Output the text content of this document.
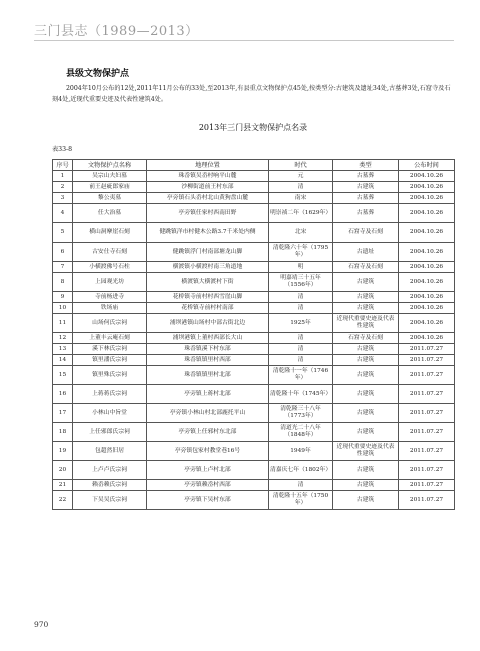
三门县志（1989—2013）
县级文物保护点

2004年10月公布的12处,2011年11月公布的33处,至2013年,有县重点文物保护点45处,按类型分:古建筑及遗址34处,古墓葬3处,石窟寺及石刻4处,近现代重要史迹及代表性建筑4处。

2013年三门县文物保护点名录
表33-8
序号	文物保护点名称	地理位置	时代	类型	公布时间
1	吴宗山夫妇墓	珠岙镇吴岙村响平山麓	元	古墓葬	2004.10.26
2	前王赵疵郎家庙	沙柳街道前王村东部	清	古建筑	2004.10.26
3	黎公夷墓	亭旁镇石头岙村北山黄狗盘山麓	南宋	古墓葬	2004.10.26
4	任大治墓	亭旁镇任家村西南田野	明崇祯二年（1629年）	古墓葬	2004.10.26
5	横山洞摩崖石刻	健跳镇洋市村健木公路3.7千米处内侧	北宋	石窟寺及石刻	2004.10.26
6	古安仕寺石刻	健跳镇浮门村南部塘龙山脚	清乾隆六十年（1795年）	古遗址	2004.10.26
7	小横渡佛号石柱	横渡镇小横渡村南三角道地	明	石窟寺及石刻	2004.10.26
8	上园观光坊	横渡镇大横渡村下街	明嘉靖三十五年（1556年）	古建筑	2004.10.26
9	寺前杨进寺	花桥镇寺前村村西雪崖山脚	清	古建筑	2004.10.26
10	铁场庙	花桥镇寺前村村南部	清	古建筑	2004.10.26
11	山场何氏宗祠	浦坝港镇山场村中部古街北边	1925年	近现代重要史迹及代表性建筑	2004.10.26
12	上董丰云庵石刻	浦坝港镇上董村西部长大山	清	石窟寺及石刻	2004.10.26
13	溪下林氏宗祠	珠岙镇溪下村东部	清	古建筑	2011.07.27
14	镇里潘氏宗祠	珠岙镇镇里村西部	清	古建筑	2011.07.27
15	镇里殊氏宗祠	珠岙镇镇里村北部	清乾隆十一年（1746年）	古建筑	2011.07.27
16	上蒋蒋氏宗祠	亭旁镇上蒋村北部	清乾隆十年（1745年）	古建筑	2011.07.27
17	小林山中旨堂	亭旁镇小林山村北部鹿托平山	清乾隆三十八年（1773年）	古建筑	2011.07.27
18	上任邪郎氏宗祠	亭旁镇上任邪村东北部	清道光二十八年（1848年）	古建筑	2011.07.27
19	包超然旧居	亭旁镇包家村教堂巷16号	1949年	近现代重要史迹及代表性建筑	2011.07.27
20	上卢卢氏宗祠	亭旁镇上卢村北部	清嘉庆七年（1802年）	古建筑	2011.07.27
21	赖岙赖氏宗祠	亭旁镇赖岙村西部	清	古建筑	2011.07.27
22	下吴吴氏宗祠	亭旁镇下吴村东部	清乾隆十五年（1750年）	古建筑	2011.07.27
970
